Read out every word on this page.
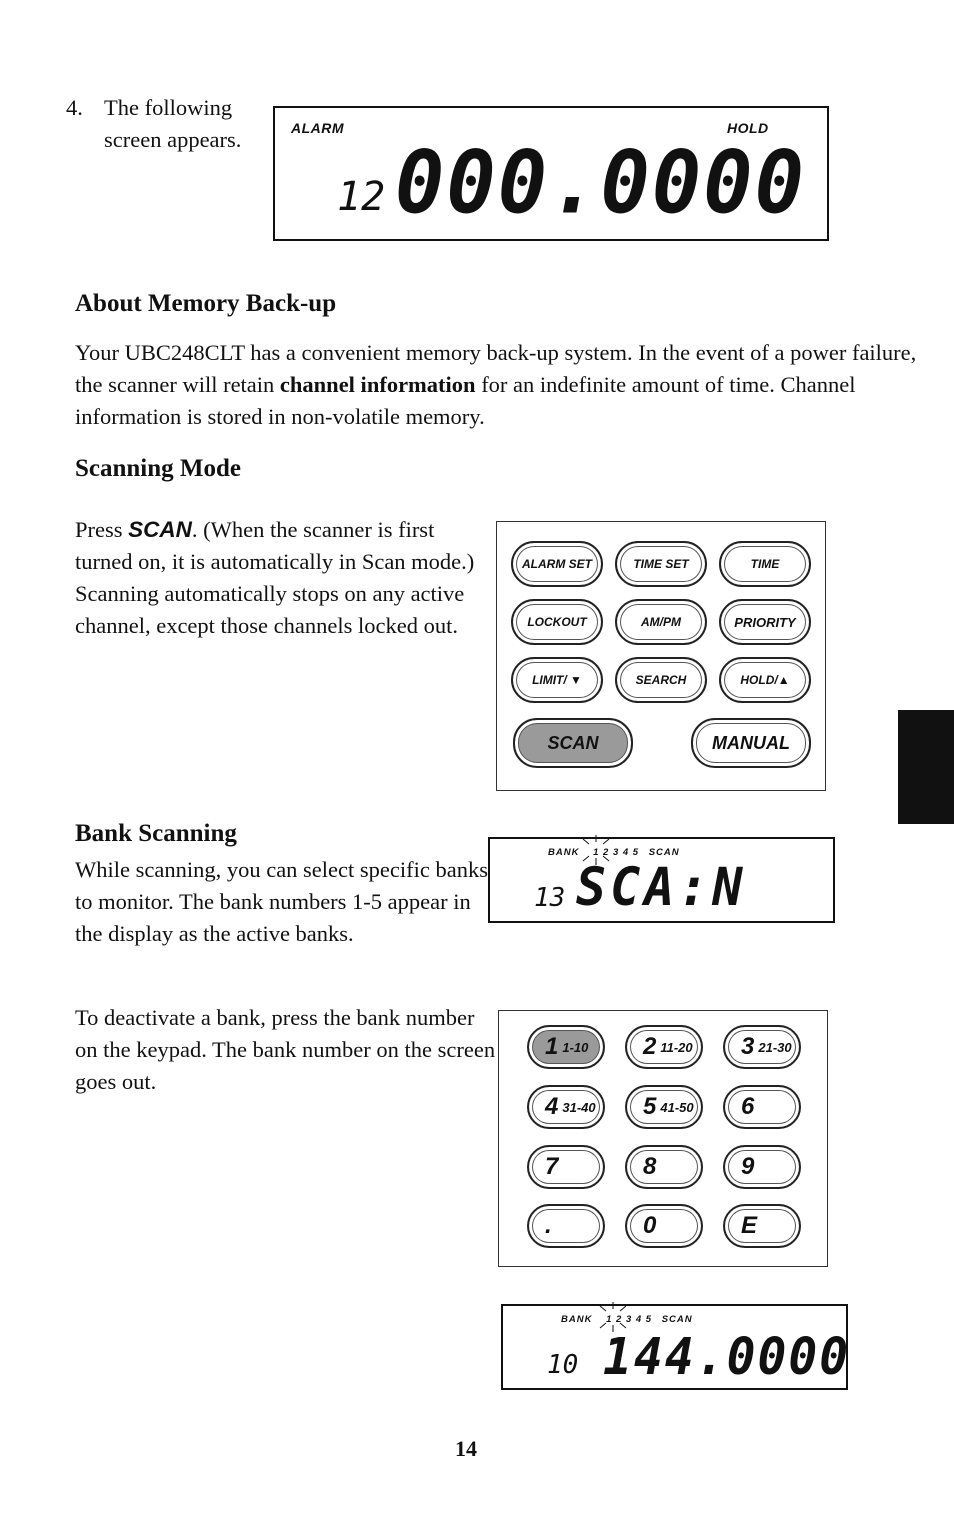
4. The following
screen appears.	ALARM	HOLD
12 000.0000
About Memory Back-up
Your UBC248CLT has a convenient memory back-up system. In the event of a power failure,
the scanner will retain channel information for an indefinite amount of time. Channel
information is stored in non-volatile memory.
Scanning Mode
Press SCAN. (When the scanner is first
turned on, it is automatically in Scan mode.)
Scanning automatically stops on any active
channel, except those channels locked out.
ALARM SET	TIME SET	TIME
LOCKOUT	AM/PM	PRIORITY
LIMIT/ ▼	SEARCH	HOLD/▲
SCAN	MANUAL
Bank Scanning
While scanning, you can select specific banks
to monitor. The bank numbers 1-5 appear in
the display as the active banks.
BANK 1 2 3 4 5 SCAN
13 SCA:N
To deactivate a bank, press the bank number
on the keypad. The bank number on the screen
goes out.
1 1-10 2 11-20 3 21-30
4 31-40 5 41-50 6
7	8	9
.	0	E
BANK 1 2 3 4 5 SCAN
10 144.0000
14
